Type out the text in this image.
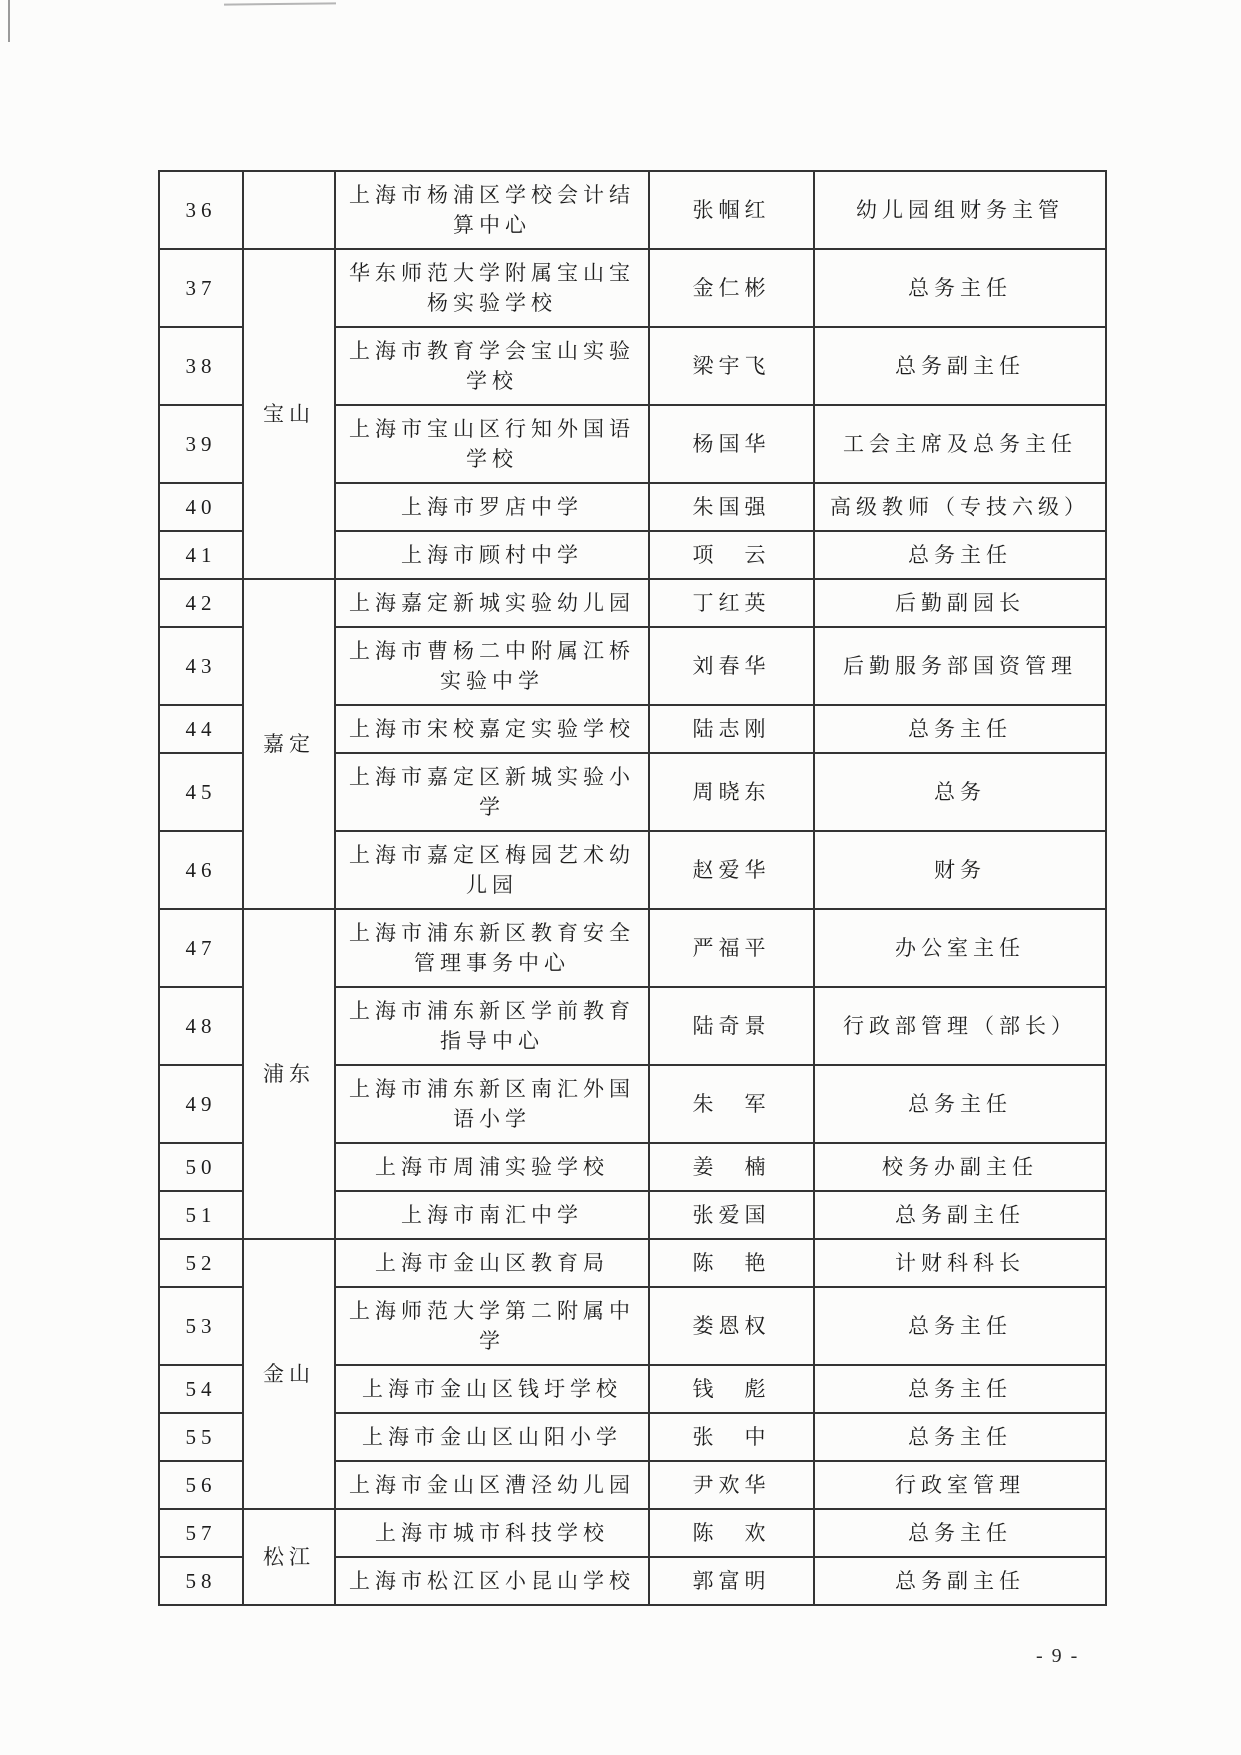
36		上海市杨浦区学校会计结算中心	张帼红	幼儿园组财务主管
37	宝山	华东师范大学附属宝山宝杨实验学校	金仁彬	总务主任
38		上海市教育学会宝山实验学校	梁宇飞	总务副主任
39		上海市宝山区行知外国语学校	杨国华	工会主席及总务主任
40		上海市罗店中学	朱国强	高级教师（专技六级）
41		上海市顾村中学	项　云	总务主任
42	嘉定	上海嘉定新城实验幼儿园	丁红英	后勤副园长
43		上海市曹杨二中附属江桥实验中学	刘春华	后勤服务部国资管理
44		上海市宋校嘉定实验学校	陆志刚	总务主任
45		上海市嘉定区新城实验小学	周晓东	总务
46		上海市嘉定区梅园艺术幼儿园	赵爱华	财务
47	浦东	上海市浦东新区教育安全管理事务中心	严福平	办公室主任
48		上海市浦东新区学前教育指导中心	陆奇景	行政部管理（部长）
49		上海市浦东新区南汇外国语小学	朱　军	总务主任
50		上海市周浦实验学校	姜　楠	校务办副主任
51		上海市南汇中学	张爱国	总务副主任
52	金山	上海市金山区教育局	陈　艳	计财科科长
53		上海师范大学第二附属中学	娄恩权	总务主任
54		上海市金山区钱圩学校	钱　彪	总务主任
55		上海市金山区山阳小学	张　中	总务主任
56		上海市金山区漕泾幼儿园	尹欢华	行政室管理
57	松江	上海市城市科技学校	陈　欢	总务主任
58		上海市松江区小昆山学校	郭富明	总务副主任
- 9 -
